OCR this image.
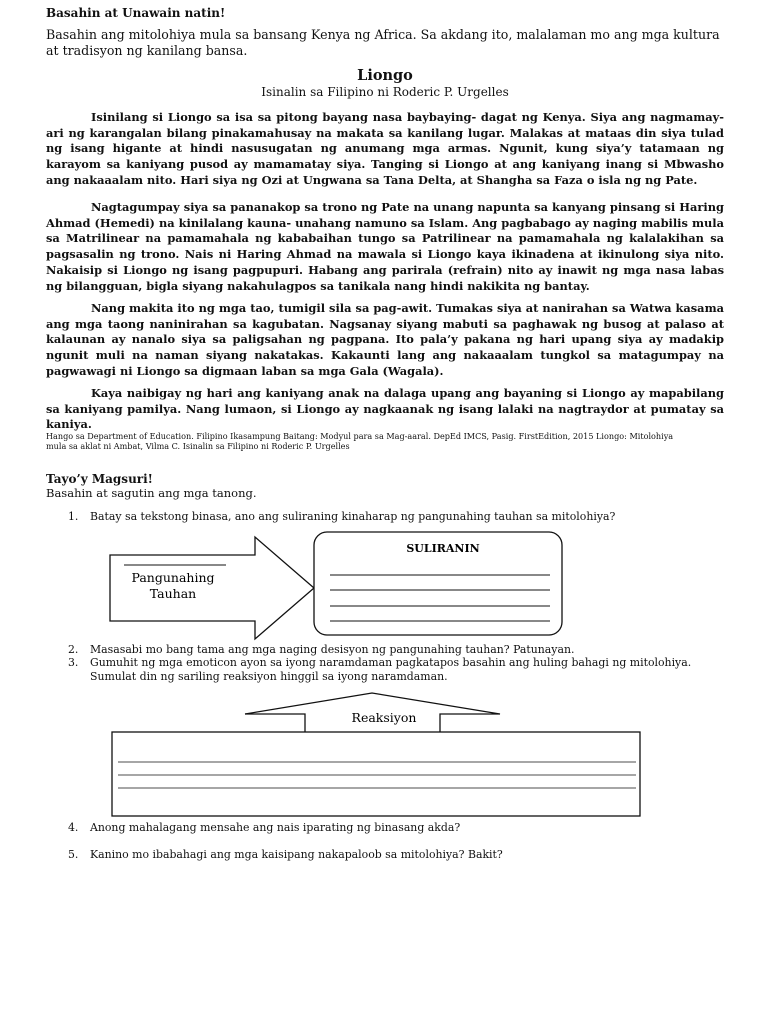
Basahin at Unawain natin!
Basahin ang mitolohiya mula sa bansang Kenya ng Africa. Sa akdang ito, malalaman mo ang mga kultura at tradisyon ng kanilang bansa.
Liongo
Isinalin sa Filipino ni Roderic P. Urgelles

Isinilang si Liongo sa isa sa pitong bayang nasa baybaying- dagat ng Kenya. Siya ang nagmamay-ari ng karangalan bilang pinakamahusay na makata sa kanilang lugar. Malakas at mataas din siya tulad ng isang higante at hindi nasusugatan ng anumang mga armas. Ngunit, kung siya’y tatamaan ng karayom sa kaniyang pusod ay mamamatay siya. Tanging si Liongo at ang kaniyang inang si Mbwasho ang nakaaalam nito. Hari siya ng Ozi at Ungwana sa Tana Delta, at Shangha sa Faza o isla ng ng Pate.

Nagtagumpay siya sa pananakop sa trono ng Pate na unang napunta sa kanyang pinsang si Haring Ahmad (Hemedi) na kinilalang kauna- unahang namuno sa Islam. Ang pagbabago ay naging mabilis mula sa Matrilinear na pamamahala ng kababaihan tungo sa Patrilinear na pamamahala ng kalalakihan sa pagsasalin ng trono. Nais ni Haring Ahmad na mawala si Liongo kaya ikinadena at ikinulong siya nito. Nakaisip si Liongo ng isang pagpupuri. Habang ang parirala (refrain) nito ay inawit ng mga nasa labas ng bilangguan, bigla siyang nakahulagpos sa tanikala nang hindi nakikita ng bantay.

Nang makita ito ng mga tao, tumigil sila sa pag-awit. Tumakas siya at nanirahan sa Watwa kasama ang mga taong naninirahan sa kagubatan. Nagsanay siyang mabuti sa paghawak ng busog at palaso at kalaunan ay nanalo siya sa paligsahan ng pagpana. Ito pala’y pakana ng hari upang siya ay madakip ngunit muli na naman siyang nakatakas. Kakaunti lang ang nakaaalam tungkol sa matagumpay na pagwawagi ni Liongo sa digmaan laban sa mga Gala (Wagala).

Kaya naibigay ng hari ang kaniyang anak na dalaga upang ang bayaning si Liongo ay mapabilang sa kaniyang pamilya. Nang lumaon, si Liongo ay nagkaanak ng isang lalaki na nagtraydor at pumatay sa kaniya.

Hango sa Department of Education. Filipino Ikasampung Baitang: Modyul para sa Mag-aaral. DepEd IMCS, Pasig. FirstEdition, 2015 Liongo: Mitolohiya mula sa aklat ni Ambat, Vilma C. Isinalin sa Filipino ni Roderic P. Urgelles
Tayo’y Magsuri!
Basahin at sagutin ang mga tanong.
1. Batay sa tekstong binasa, ano ang suliraning kinaharap ng pangunahing tauhan sa mitolohiya?
2. Masasabi mo bang tama ang mga naging desisyon ng pangunahing tauhan? Patunayan.
3. Gumuhit ng mga emoticon ayon sa iyong naramdaman pagkatapos basahin ang huling bahagi ng mitolohiya. Sumulat din ng sariling reaksiyon hinggil sa iyong naramdaman.
4. Anong mahalagang mensahe ang nais iparating ng binasang akda?
5. Kanino mo ibabahagi ang mga kaisipang nakapaloob sa mitolohiya? Bakit?
Pangunahing
Tauhan
SULIRANIN
Reaksiyon
